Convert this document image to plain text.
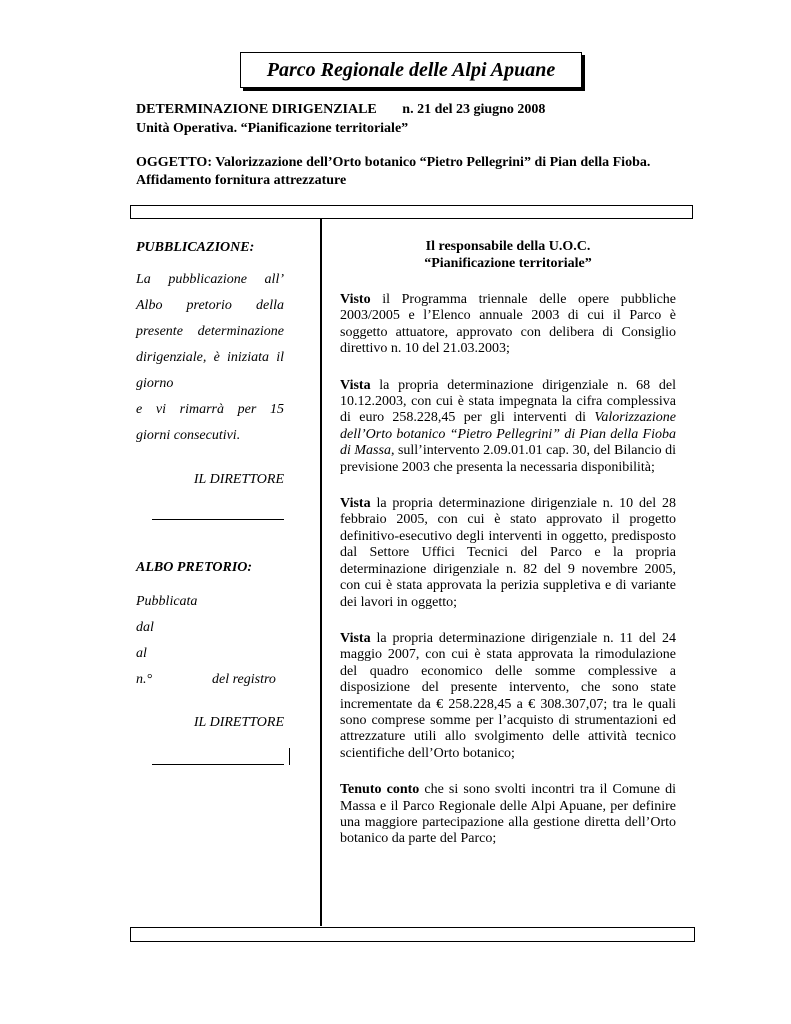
Parco Regionale delle Alpi Apuane
DETERMINAZIONE DIRIGENZIALE n. 21 del 23 giugno 2008
Unità Operativa. “Pianificazione territoriale”
OGGETTO: Valorizzazione dell’Orto botanico “Pietro Pellegrini” di Pian della Fioba.
Affidamento fornitura attrezzature
PUBBLICAZIONE:
La pubblicazione all’
Albo pretorio della
presente determinazione
dirigenziale, è iniziata il
giorno
e vi rimarrà per 15
giorni consecutivi.
IL DIRETTORE
ALBO PRETORIO:
Pubblicata
dal
al
n.°	del registro
IL DIRETTORE
Il responsabile della U.O.C.
“Pianificazione territoriale”
Visto il Programma triennale delle opere pubbliche 2003/2005 e l’Elenco annuale 2003 di cui il Parco è soggetto attuatore, approvato con delibera di Consiglio direttivo n. 10 del 21.03.2003;
Vista la propria determinazione dirigenziale n. 68 del 10.12.2003, con cui è stata impegnata la cifra complessiva di euro 258.228,45 per gli interventi di Valorizzazione dell’Orto botanico “Pietro Pellegrini” di Pian della Fioba di Massa, sull’intervento 2.09.01.01 cap. 30, del Bilancio di previsione 2003 che presenta la necessaria disponibilità;
Vista la propria determinazione dirigenziale n. 10 del 28 febbraio 2005, con cui è stato approvato il progetto definitivo-esecutivo degli interventi in oggetto, predisposto dal Settore Uffici Tecnici del Parco e la propria determinazione dirigenziale n. 82 del 9 novembre 2005, con cui è stata approvata la perizia suppletiva e di variante dei lavori in oggetto;
Vista la propria determinazione dirigenziale n. 11 del 24 maggio 2007, con cui è stata approvata la rimodulazione del quadro economico delle somme complessive a disposizione del presente intervento, che sono state incrementate da € 258.228,45 a € 308.307,07; tra le quali sono comprese somme per l’acquisto di strumentazioni ed attrezzature utili allo svolgimento delle attività tecnico scientifiche dell’Orto botanico;
Tenuto conto che si sono svolti incontri tra il Comune di Massa e il Parco Regionale delle Alpi Apuane, per definire una maggiore partecipazione alla gestione diretta dell’Orto botanico da parte del Parco;
